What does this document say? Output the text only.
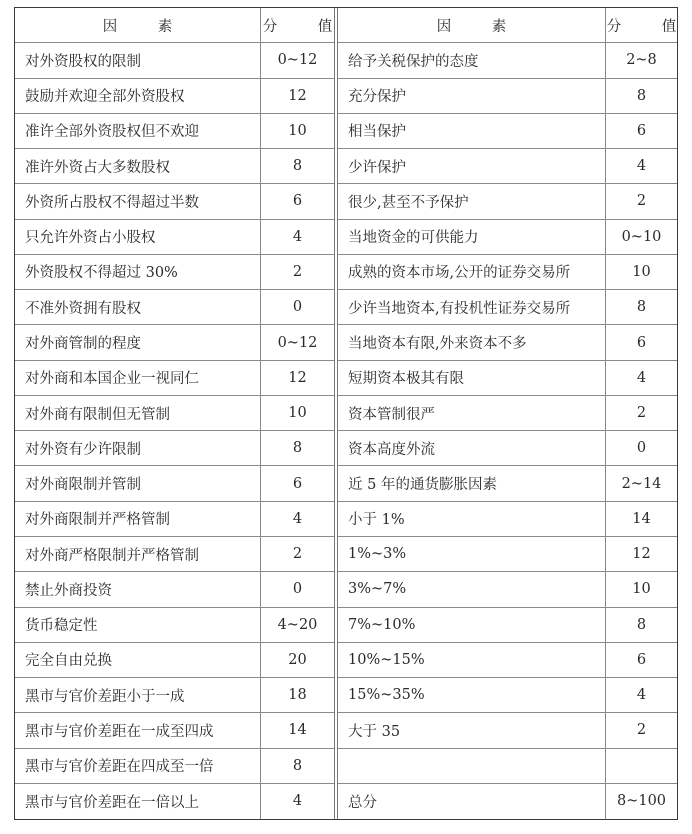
因　素	分　值
对外资股权的限制	0~12
鼓励并欢迎全部外资股权	12
准许全部外资股权但不欢迎	10
准许外资占大多数股权	8
外资所占股权不得超过半数	6
只允许外资占小股权	4
外资股权不得超过 30%	2
不准外资拥有股权	0
对外商管制的程度	0~12
对外商和本国企业一视同仁	12
对外商有限制但无管制	10
对外资有少许限制	8
对外商限制并管制	6
对外商限制并严格管制	4
对外商严格限制并严格管制	2
禁止外商投资	0
货币稳定性	4~20
完全自由兑换	20
黑市与官价差距小于一成	18
黑市与官价差距在一成至四成	14
黑市与官价差距在四成至一倍	8
黑市与官价差距在一倍以上	4
因　素	分　值
给予关税保护的态度	2~8
充分保护	8
相当保护	6
少许保护	4
很少,甚至不予保护	2
当地资金的可供能力	0~10
成熟的资本市场,公开的证券交易所	10
少许当地资本,有投机性证券交易所	8
当地资本有限,外来资本不多	6
短期资本极其有限	4
资本管制很严	2
资本高度外流	0
近 5 年的通货膨胀因素	2~14
小于 1%	14
1%~3%	12
3%~7%	10
7%~10%	8
10%~15%	6
15%~35%	4
大于 35	2
总分	8~100
